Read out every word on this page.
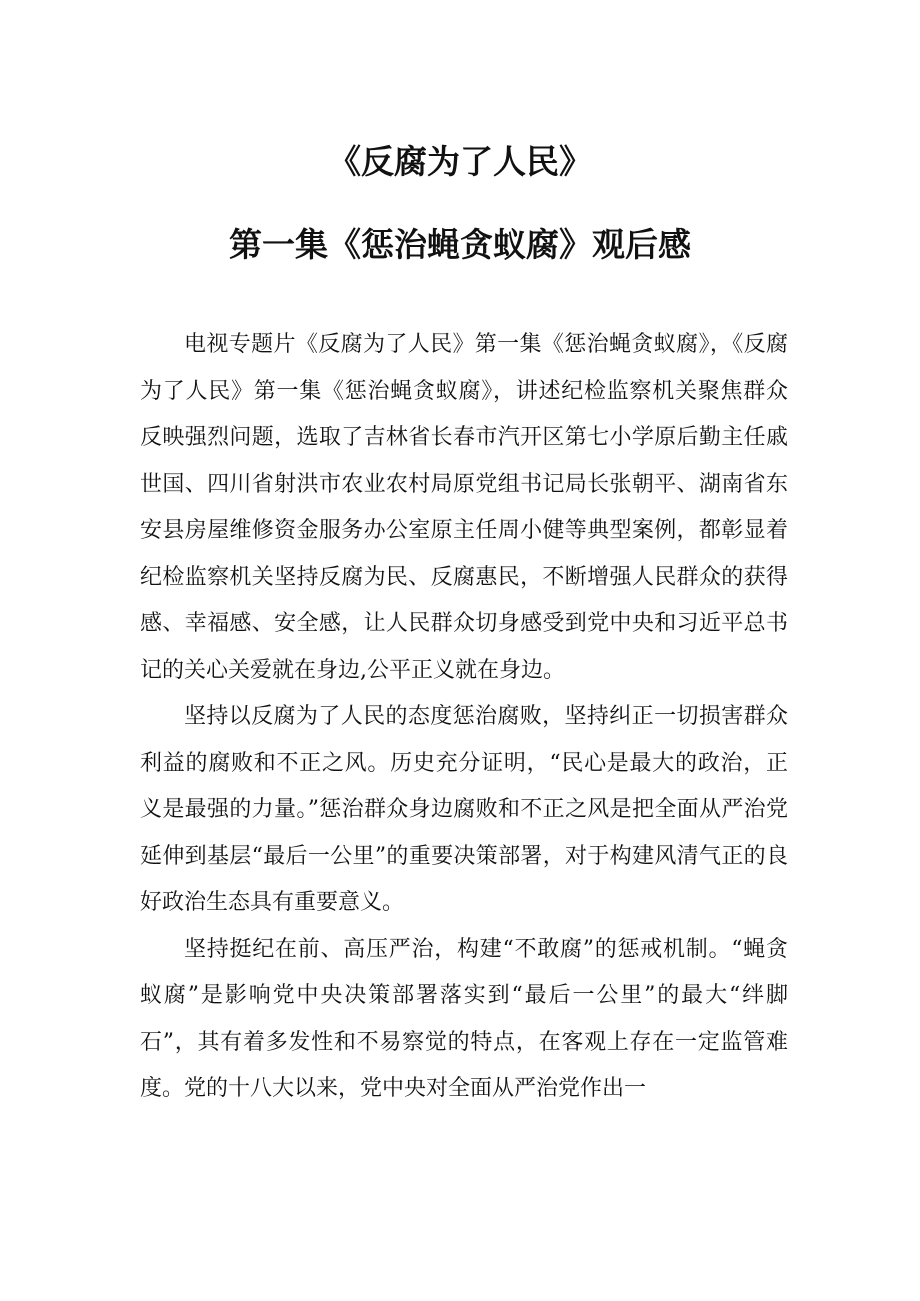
《反腐为了人民》
第一集《惩治蝇贪蚁腐》观后感

电视专题片《反腐为了人民》第一集《惩治蝇贪蚁腐》，《反腐为了人民》第一集《惩治蝇贪蚁腐》，讲述纪检监察机关聚焦群众反映强烈问题，选取了吉林省长春市汽开区第七小学原后勤主任戚世国、四川省射洪市农业农村局原党组书记局长张朝平、湖南省东安县房屋维修资金服务办公室原主任周小健等典型案例，都彰显着纪检监察机关坚持反腐为民、反腐惠民，不断增强人民群众的获得感、幸福感、安全感，让人民群众切身感受到党中央和习近平总书记的关心关爱就在身边,公平正义就在身边。

坚持以反腐为了人民的态度惩治腐败，坚持纠正一切损害群众利益的腐败和不正之风。历史充分证明，“民心是最大的政治，正义是最强的力量。”惩治群众身边腐败和不正之风是把全面从严治党延伸到基层“最后一公里”的重要决策部署，对于构建风清气正的良好政治生态具有重要意义。

坚持挺纪在前、高压严治，构建“不敢腐”的惩戒机制。“蝇贪蚁腐”是影响党中央决策部署落实到“最后一公里”的最大“绊脚石”，其有着多发性和不易察觉的特点，在客观上存在一定监管难度。党的十八大以来，党中央对全面从严治党作出一
